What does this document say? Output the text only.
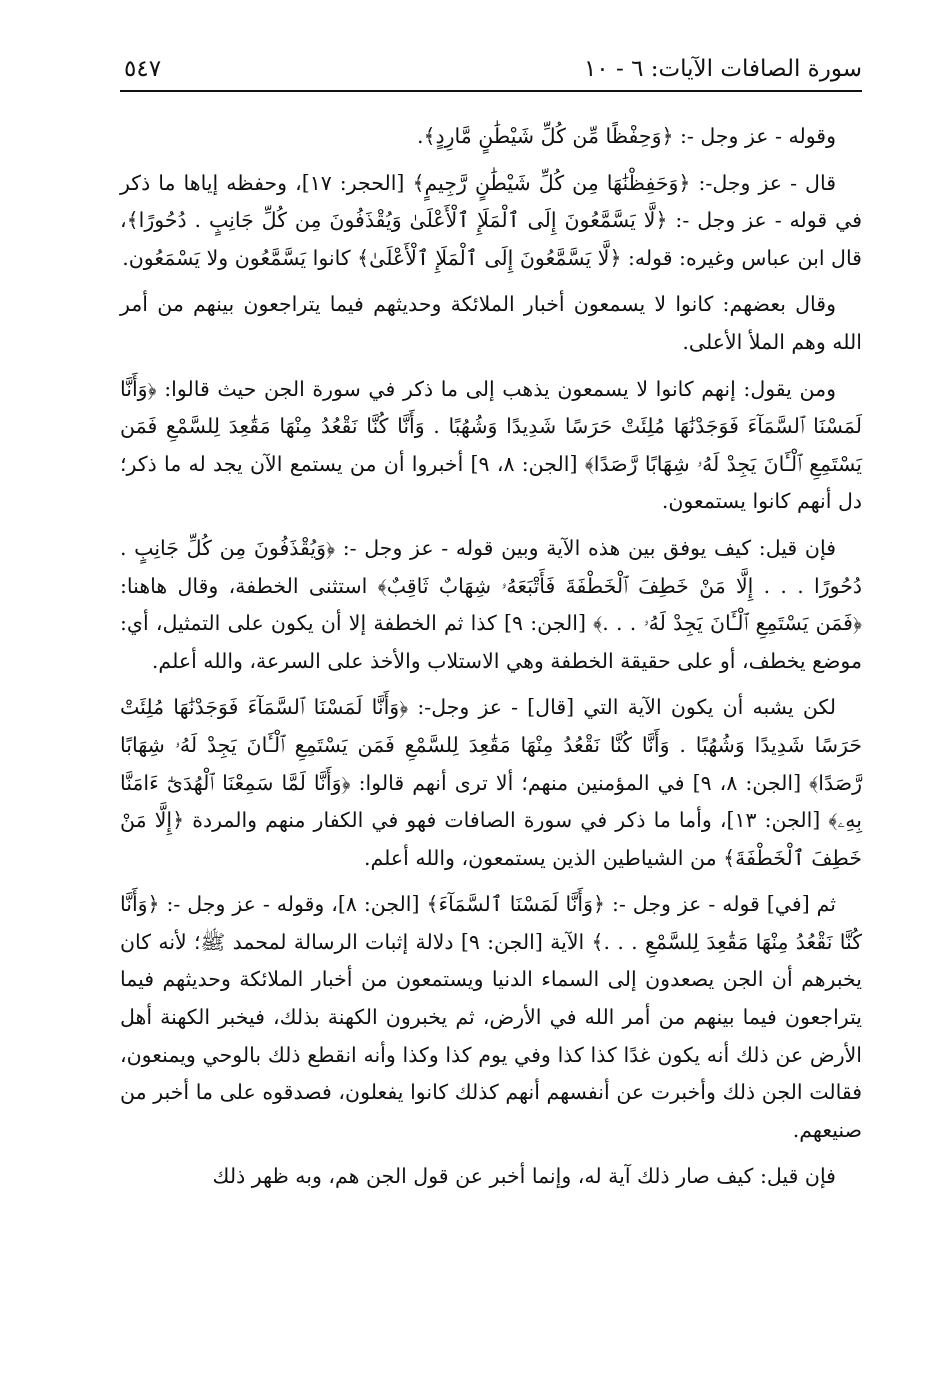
سورة الصافات الآيات: ٦ - ١٠
٥٤٧

وقوله - عز وجل -: ﴿وَحِفْظًا مِّن كُلِّ شَيْطَٰنٍ مَّارِدٍ﴾.

قال - عز وجل-: ﴿وَحَفِظْنَٰهَا مِن كُلِّ شَيْطَٰنٍ رَّجِيمٍ﴾ [الحجر: ١٧]، وحفظه إياها ما ذكر في قوله - عز وجل -: ﴿لَّا يَسَّمَّعُونَ إِلَى ٱلْمَلَإِ ٱلْأَعْلَىٰ وَيُقْذَفُونَ مِن كُلِّ جَانِبٍ . دُحُورًا﴾، قال ابن عباس وغيره: قوله: ﴿لَّا يَسَّمَّعُونَ إِلَى ٱلْمَلَإِ ٱلْأَعْلَىٰ﴾ كانوا يَسَّمَّعُون ولا يَسْمَعُون.

وقال بعضهم: كانوا لا يسمعون أخبار الملائكة وحديثهم فيما يتراجعون بينهم من أمر الله وهم الملأ الأعلى.

ومن يقول: إنهم كانوا لا يسمعون يذهب إلى ما ذكر في سورة الجن حيث قالوا: ﴿وَأَنَّا لَمَسْنَا ٱلسَّمَآءَ فَوَجَدْنَٰهَا مُلِئَتْ حَرَسًا شَدِيدًا وَشُهُبًا . وَأَنَّا كُنَّا نَقْعُدُ مِنْهَا مَقَٰعِدَ لِلسَّمْعِ فَمَن يَسْتَمِعِ ٱلْـَٔانَ يَجِدْ لَهُۥ شِهَابًا رَّصَدًا﴾ [الجن: ٨، ٩] أخبروا أن من يستمع الآن يجد له ما ذكر؛ دل أنهم كانوا يستمعون.

فإن قيل: كيف يوفق بين هذه الآية وبين قوله - عز وجل -: ﴿وَيُقْذَفُونَ مِن كُلِّ جَانِبٍ . دُحُورًا . . . إِلَّا مَنْ خَطِفَ ٱلْخَطْفَةَ فَأَتْبَعَهُۥ شِهَابٌ ثَاقِبٌ﴾ استثنى الخطفة، وقال هاهنا: ﴿فَمَن يَسْتَمِعِ ٱلْـَٔانَ يَجِدْ لَهُۥ . . .﴾ [الجن: ٩] كذا ثم الخطفة إلا أن يكون على التمثيل، أي: موضع يخطف، أو على حقيقة الخطفة وهي الاستلاب والأخذ على السرعة، والله أعلم.

لكن يشبه أن يكون الآية التي [قال] - عز وجل-: ﴿وَأَنَّا لَمَسْنَا ٱلسَّمَآءَ فَوَجَدْنَٰهَا مُلِئَتْ حَرَسًا شَدِيدًا وَشُهُبًا . وَأَنَّا كُنَّا نَقْعُدُ مِنْهَا مَقَٰعِدَ لِلسَّمْعِ فَمَن يَسْتَمِعِ ٱلْـَٔانَ يَجِدْ لَهُۥ شِهَابًا رَّصَدًا﴾ [الجن: ٨، ٩] في المؤمنين منهم؛ ألا ترى أنهم قالوا: ﴿وَأَنَّا لَمَّا سَمِعْنَا ٱلْهُدَىٰٓ ءَامَنَّا بِهِۦ﴾ [الجن: ١٣]، وأما ما ذكر في سورة الصافات فهو في الكفار منهم والمردة ﴿إِلَّا مَنْ خَطِفَ ٱلْخَطْفَةَ﴾ من الشياطين الذين يستمعون، والله أعلم.

ثم [في] قوله - عز وجل -: ﴿وَأَنَّا لَمَسْنَا ٱلسَّمَآءَ﴾ [الجن: ٨]، وقوله - عز وجل -: ﴿وَأَنَّا كُنَّا نَقْعُدُ مِنْهَا مَقَٰعِدَ لِلسَّمْعِ . . .﴾ الآية [الجن: ٩] دلالة إثبات الرسالة لمحمد ﷺ؛ لأنه كان يخبرهم أن الجن يصعدون إلى السماء الدنيا ويستمعون من أخبار الملائكة وحديثهم فيما يتراجعون فيما بينهم من أمر الله في الأرض، ثم يخبرون الكهنة بذلك، فيخبر الكهنة أهل الأرض عن ذلك أنه يكون غدًا كذا كذا وفي يوم كذا وكذا وأنه انقطع ذلك بالوحي ويمنعون، فقالت الجن ذلك وأخبرت عن أنفسهم أنهم كذلك كانوا يفعلون، فصدقوه على ما أخبر من صنيعهم.

فإن قيل: كيف صار ذلك آية له، وإنما أخبر عن قول الجن هم، وبه ظهر ذلك
